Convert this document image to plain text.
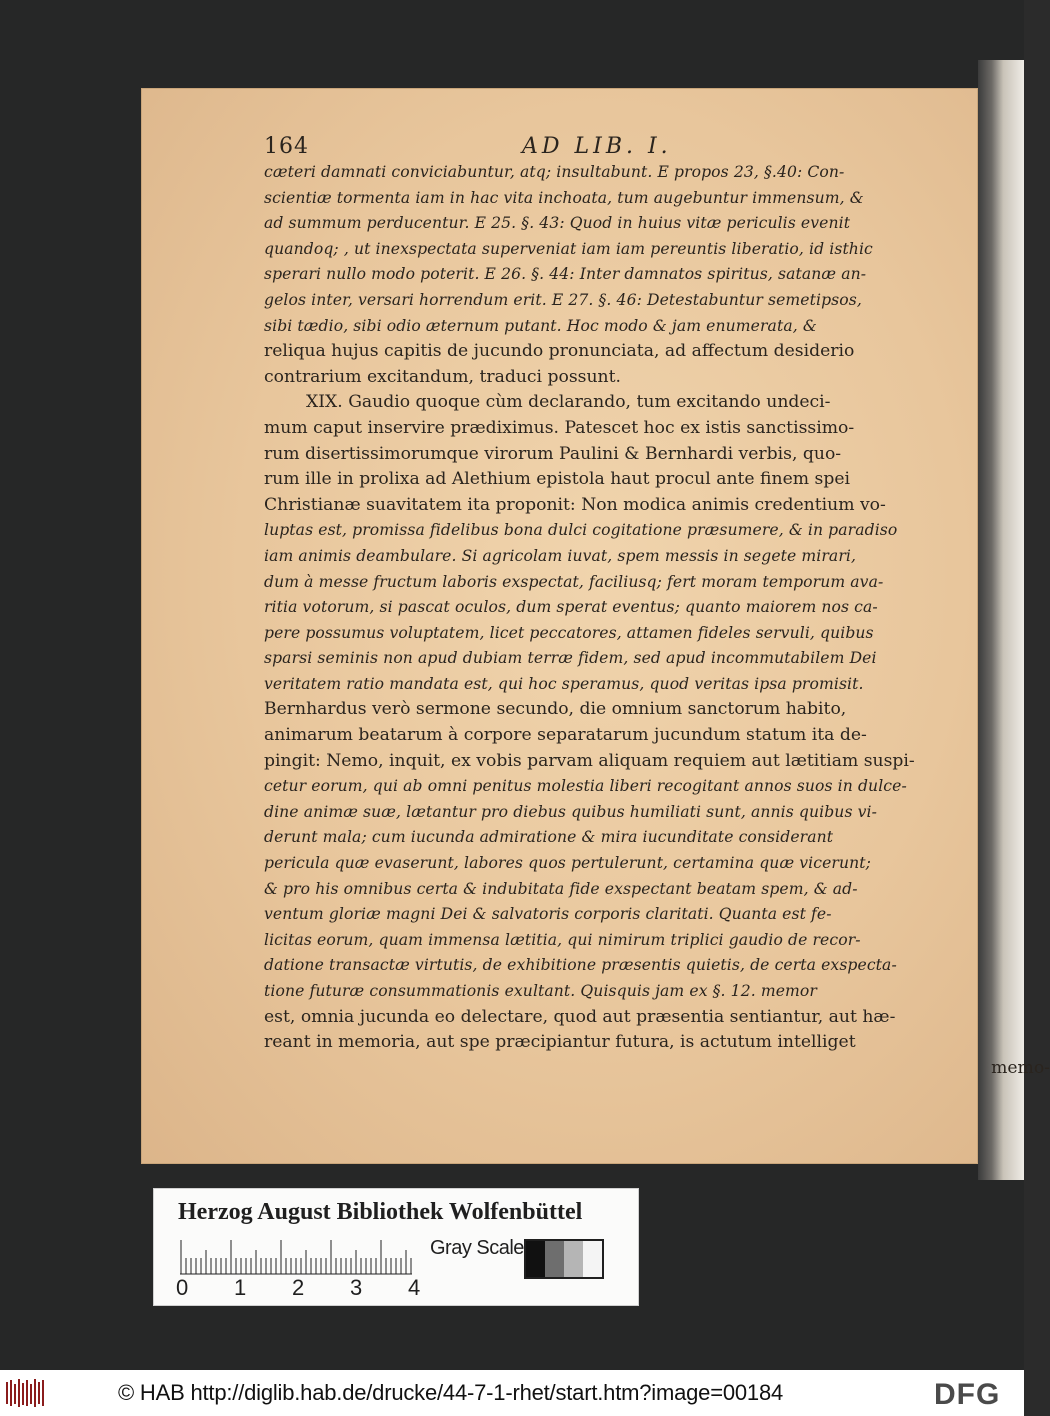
164	AD LIB. I.
cæteri damnati conviciabuntur, atq; insultabunt. E propos 23, §.40: Con-
scientiæ tormenta iam in hac vita inchoata, tum augebuntur immensum, &
ad summum perducentur. E 25. §. 43: Quod in huius vitæ periculis evenit
quandoq; , ut inexspectata superveniat iam iam pereuntis liberatio, id isthic
sperari nullo modo poterit. E 26. §. 44: Inter damnatos spiritus, satanæ an-
gelos inter, versari horrendum erit. E 27. §. 46: Detestabuntur semetipsos,
sibi tædio, sibi odio æternum putant. Hoc modo & jam enumerata, &
reliqua hujus capitis de jucundo pronunciata, ad affectum desiderio
contrarium excitandum, traduci possunt.
XIX. Gaudio quoque cùm declarando, tum excitando undeci-
mum caput inservire prædiximus. Patescet hoc ex istis sanctissimo-
rum disertissimorumque virorum Paulini & Bernhardi verbis, quo-
rum ille in prolixa ad Alethium epistola haut procul ante finem spei
Christianæ suavitatem ita proponit: Non modica animis credentium vo-
luptas est, promissa fidelibus bona dulci cogitatione præsumere, & in paradiso
iam animis deambulare. Si agricolam iuvat, spem messis in segete mirari,
dum à messe fructum laboris exspectat, faciliusq; fert moram temporum ava-
ritia votorum, si pascat oculos, dum sperat eventus; quanto maiorem nos ca-
pere possumus voluptatem, licet peccatores, attamen fideles servuli, quibus
sparsi seminis non apud dubiam terræ fidem, sed apud incommutabilem Dei
veritatem ratio mandata est, qui hoc speramus, quod veritas ipsa promisit.
Bernhardus verò sermone secundo, die omnium sanctorum habito,
animarum beatarum à corpore separatarum jucundum statum ita de-
pingit: Nemo, inquit, ex vobis parvam aliquam requiem aut lætitiam suspi-
cetur eorum, qui ab omni penitus molestia liberi recogitant annos suos in dulce-
dine animæ suæ, lætantur pro diebus quibus humiliati sunt, annis quibus vi-
derunt mala; cum iucunda admiratione & mira iucunditate considerant
pericula quæ evaserunt, labores quos pertulerunt, certamina quæ vicerunt;
& pro his omnibus certa & indubitata fide exspectant beatam spem, & ad-
ventum gloriæ magni Dei & salvatoris corporis claritati. Quanta est fe-
licitas eorum, quam immensa lætitia, qui nimirum triplici gaudio de recor-
datione transactæ virtutis, de exhibitione præsentis quietis, de certa exspecta-
tione futuræ consummationis exultant. Quisquis jam ex §. 12. memor
est, omnia jucunda eo delectare, quod aut præsentia sentiantur, aut hæ-
reant in memoria, aut spe præcipiantur futura, is actutum intelliget
memo-
Herzog August Bibliothek Wolfenbüttel
0 1 2 3 4
Gray Scale
© HAB http://diglib.hab.de/drucke/44-7-1-rhet/start.htm?image=00184	DFG
